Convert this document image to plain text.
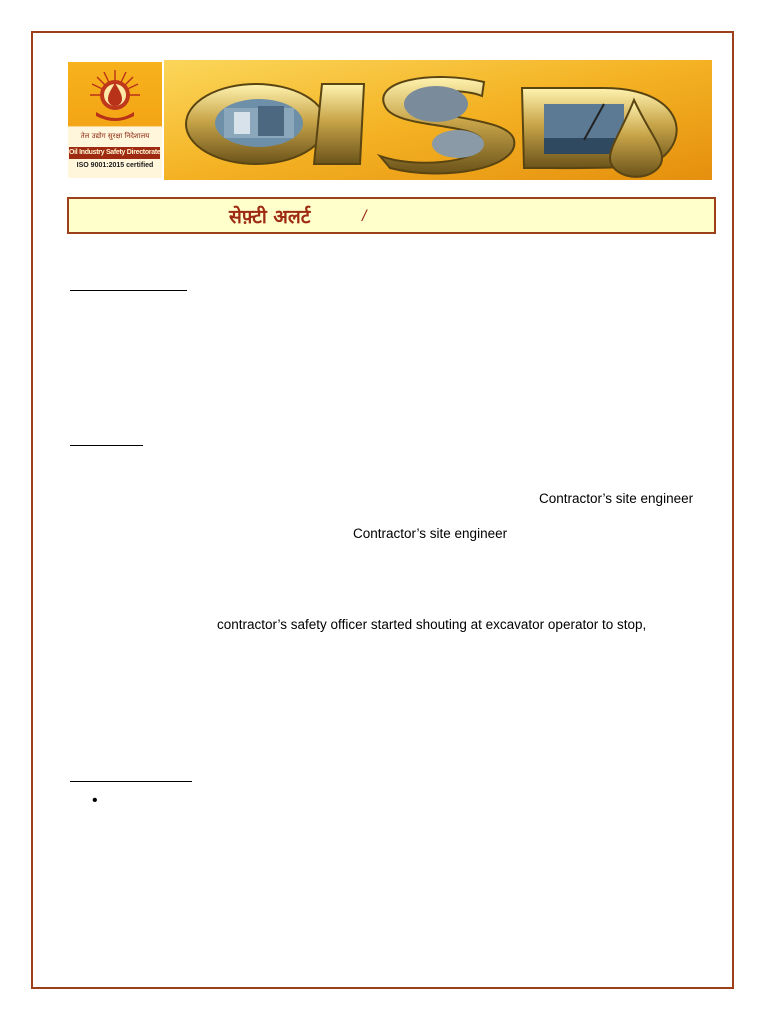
तेल उद्योग सुरक्षा निदेशालय
Oil Industry Safety Directorate
ISO 9001:2015 certified
सेफ़्टी अलर्ट	/
Contractor’s site engineer
Contractor’s site engineer
contractor’s safety officer started shouting at excavator operator to stop,
•
